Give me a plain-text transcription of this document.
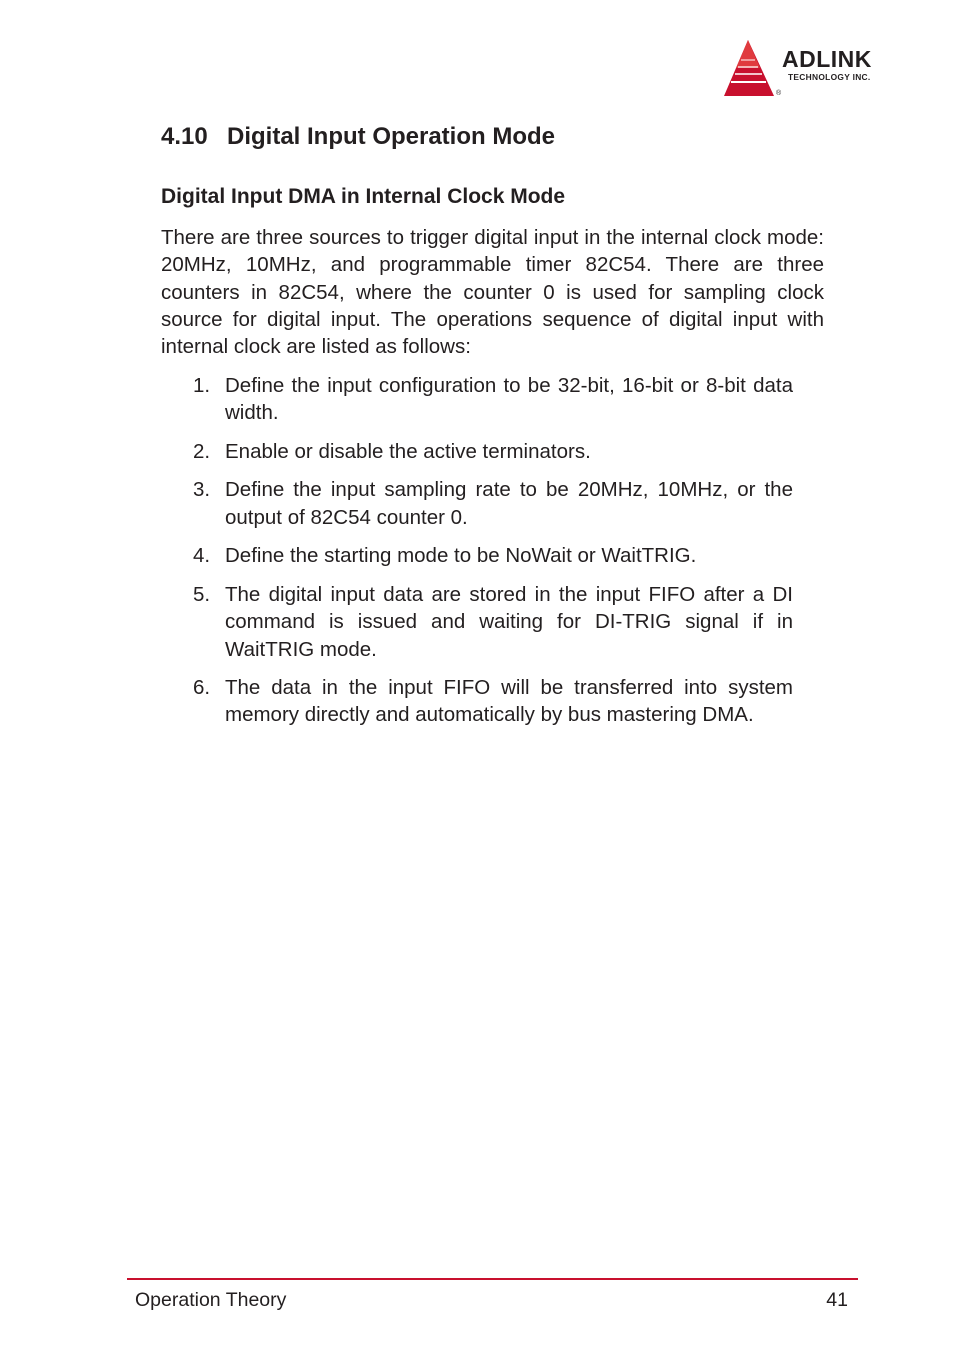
ADLINK
TECHNOLOGY INC.
®
4.10 Digital Input Operation Mode
Digital Input DMA in Internal Clock Mode

There are three sources to trigger digital input in the internal clock mode: 20MHz, 10MHz, and programmable timer 82C54. There are three counters in 82C54, where the counter 0 is used for sampling clock source for digital input. The operations sequence of digital input with internal clock are listed as follows:

1. Define the input configuration to be 32-bit, 16-bit or 8-bit data width.
2. Enable or disable the active terminators.
3. Define the input sampling rate to be 20MHz, 10MHz, or the output of 82C54 counter 0.
4. Define the starting mode to be NoWait or WaitTRIG.
5. The digital input data are stored in the input FIFO after a DI command is issued and waiting for DI-TRIG signal if in WaitTRIG mode.
6. The data in the input FIFO will be transferred into system memory directly and automatically by bus mastering DMA.
Operation Theory	41
